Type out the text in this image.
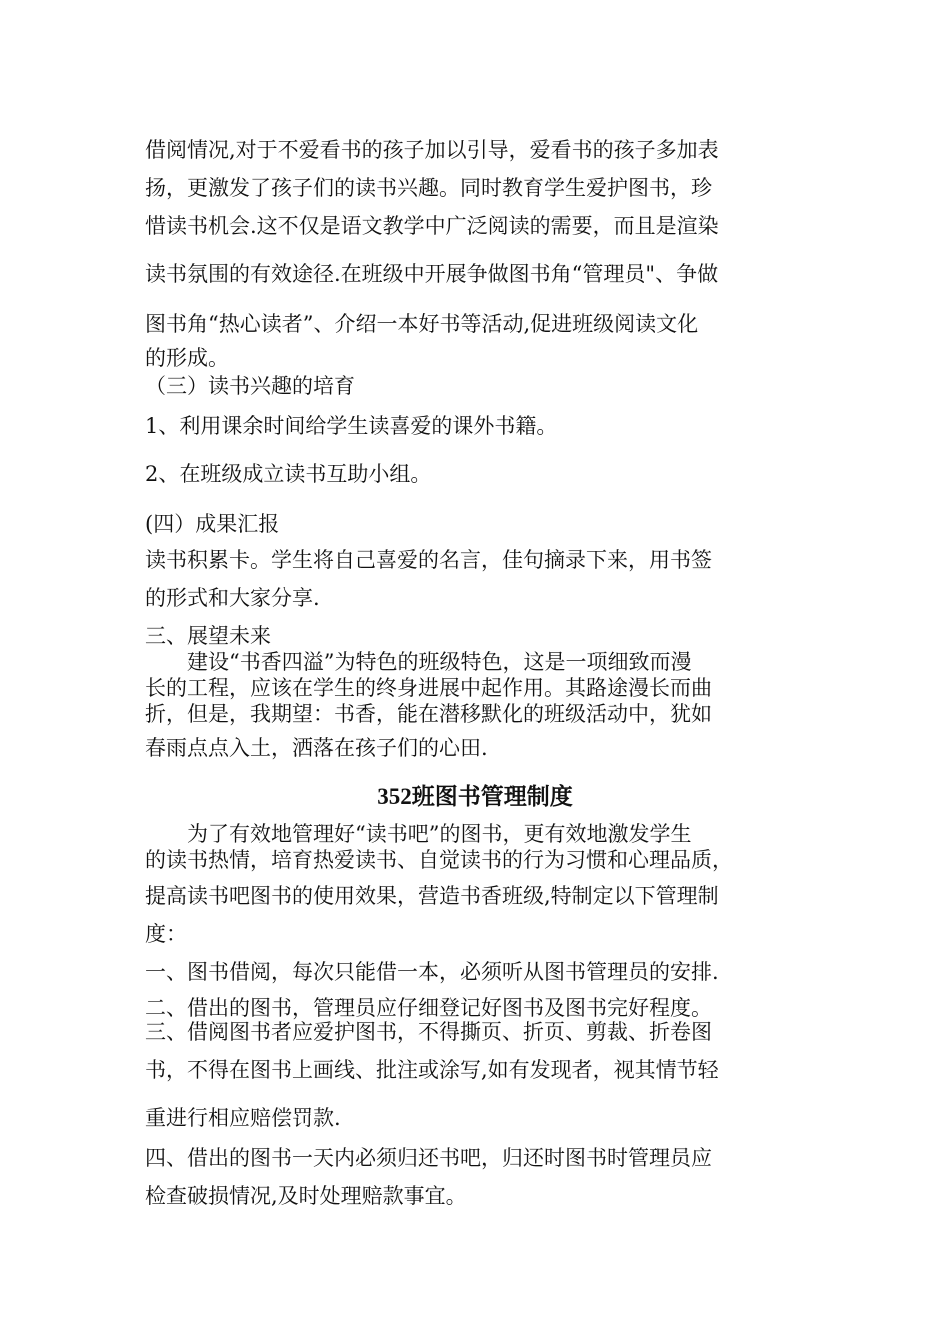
借阅情况,对于不爱看书的孩子加以引导，爱看书的孩子多加表
扬，更激发了孩子们的读书兴趣。同时教育学生爱护图书，珍
惜读书机会.这不仅是语文教学中广泛阅读的需要，而且是渲染
读书氛围的有效途径.在班级中开展争做图书角“管理员"、争做
图书角“热心读者”、介绍一本好书等活动,促进班级阅读文化
的形成。
（三）读书兴趣的培育
1、利用课余时间给学生读喜爱的课外书籍。
2、在班级成立读书互助小组。
(四）成果汇报
读书积累卡。学生将自己喜爱的名言，佳句摘录下来，用书签
的形式和大家分享.
三、展望未来
　　建设“书香四溢”为特色的班级特色，这是一项细致而漫
长的工程，应该在学生的终身进展中起作用。其路途漫长而曲
折，但是，我期望：书香，能在潜移默化的班级活动中，犹如
春雨点点入土，洒落在孩子们的心田.
352班图书管理制度
　　为了有效地管理好“读书吧”的图书，更有效地激发学生
的读书热情，培育热爱读书、自觉读书的行为习惯和心理品质，
提高读书吧图书的使用效果，营造书香班级,特制定以下管理制
度：
一、图书借阅，每次只能借一本，必须听从图书管理员的安排.
二、借出的图书，管理员应仔细登记好图书及图书完好程度。
三、借阅图书者应爱护图书，不得撕页、折页、剪裁、折卷图
书，不得在图书上画线、批注或涂写,如有发现者，视其情节轻
重进行相应赔偿罚款.
四、借出的图书一天内必须归还书吧，归还时图书时管理员应
检查破损情况,及时处理赔款事宜。
